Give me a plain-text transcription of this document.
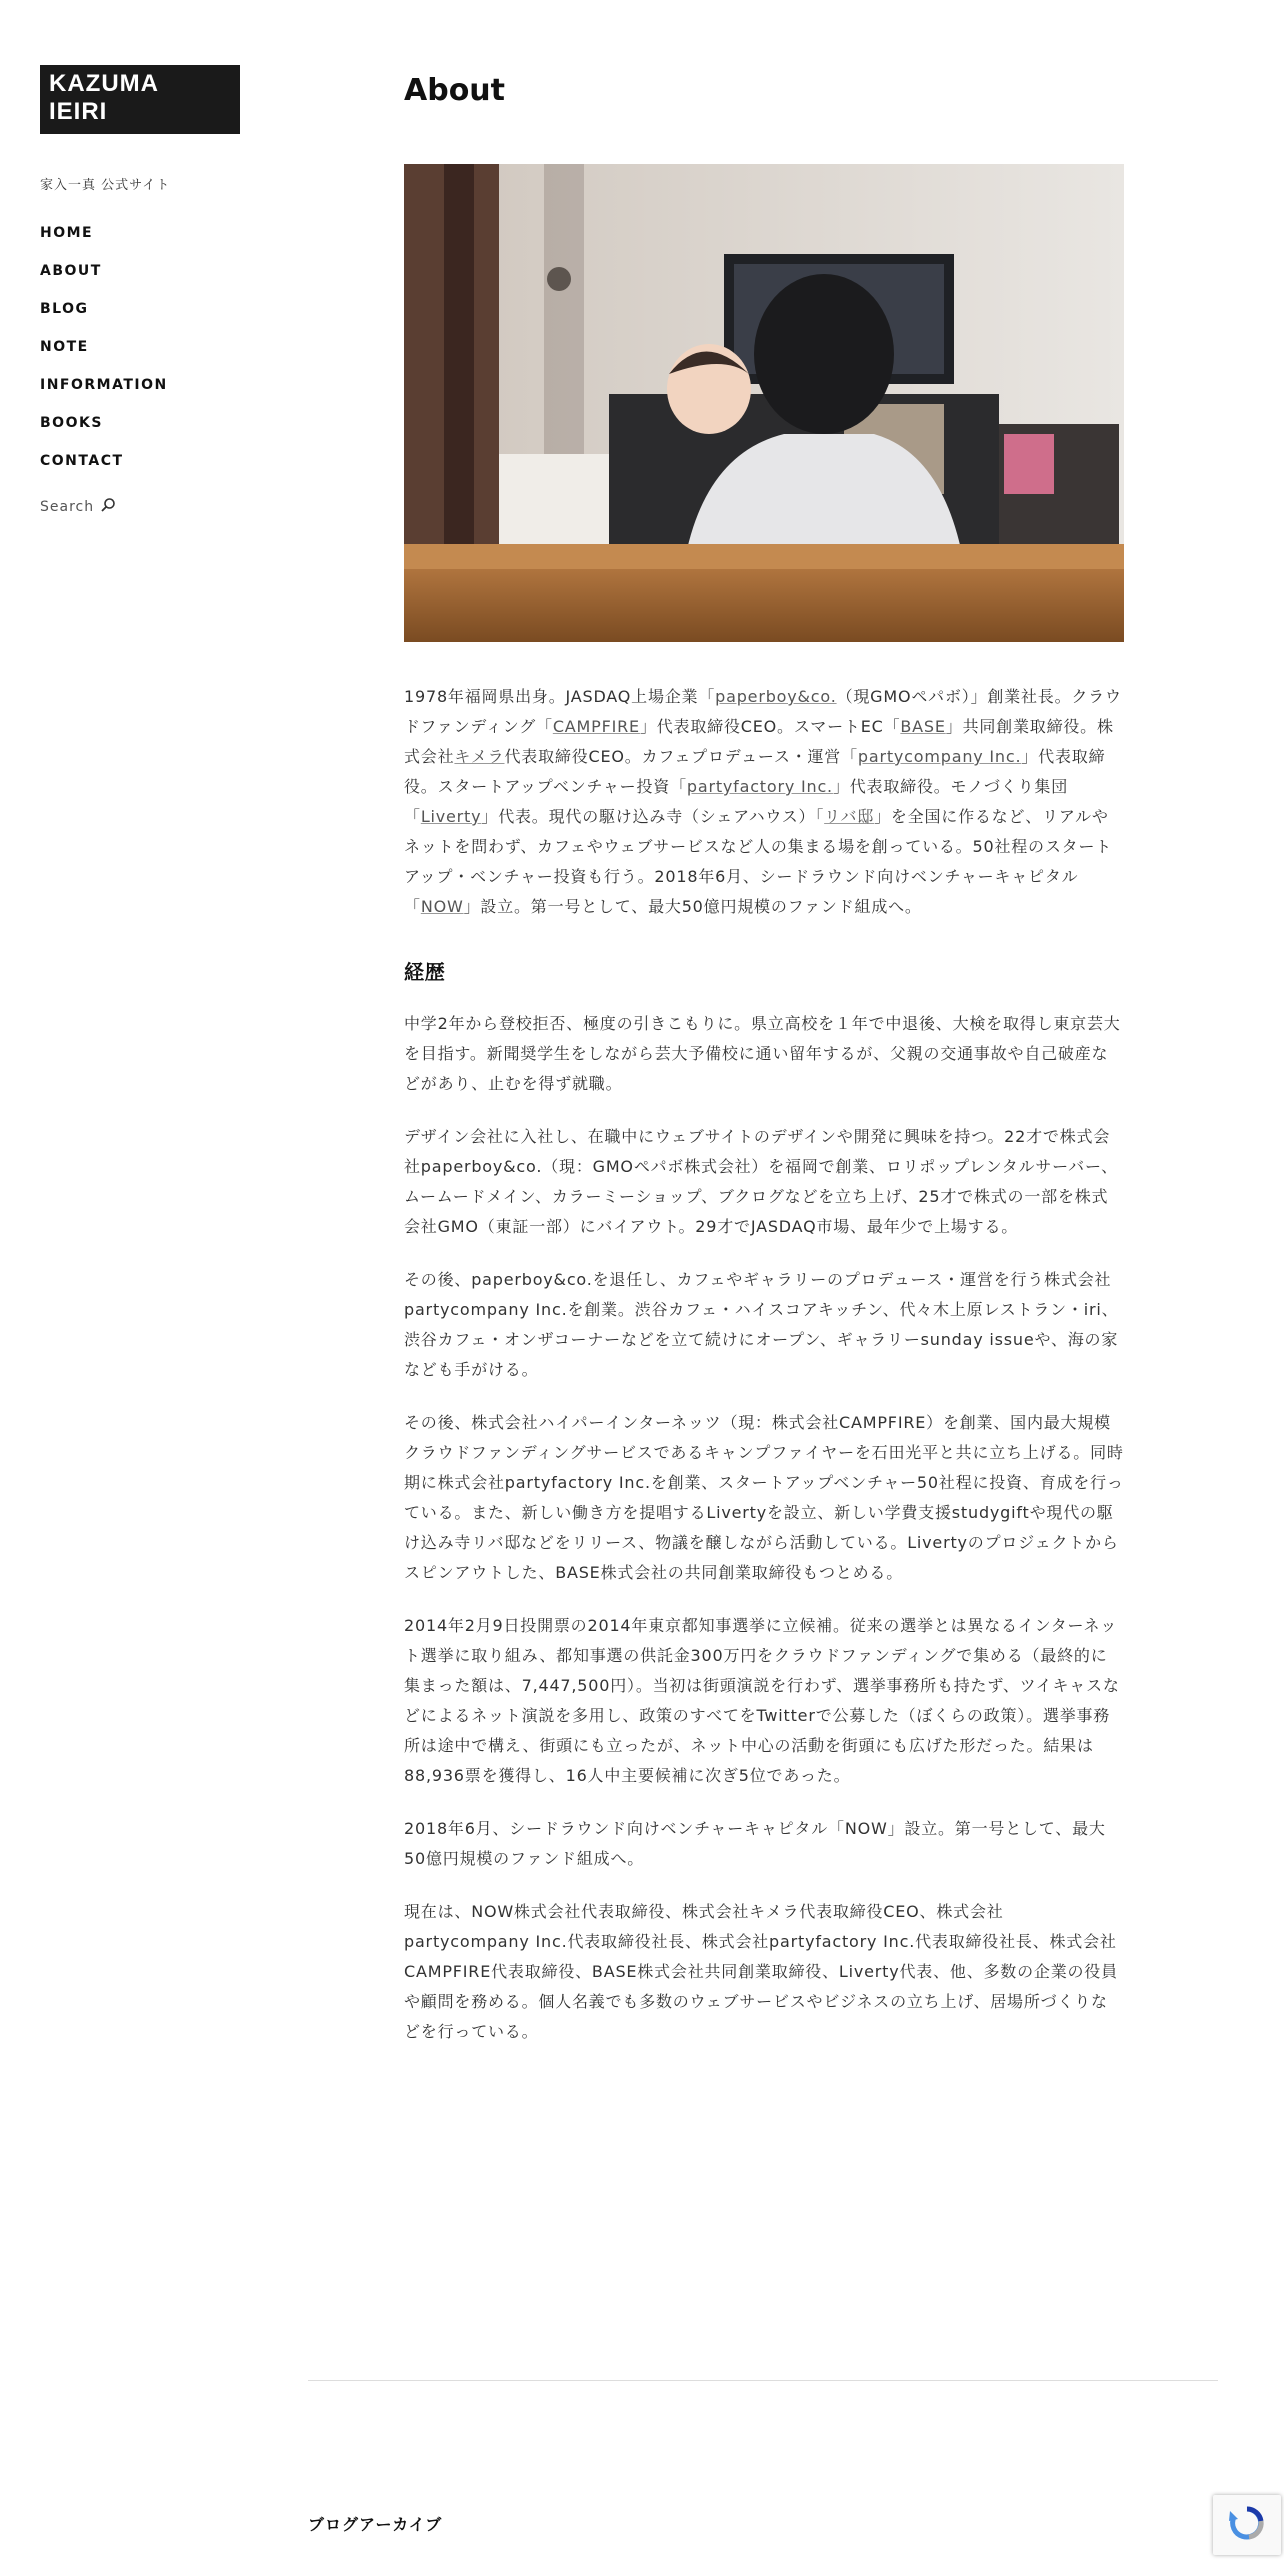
KAZUMA
IEIRI
家入一真 公式サイト
HOME
ABOUT
BLOG
NOTE
INFORMATION
BOOKS
CONTACT
Search
About

1978年福岡県出身。JASDAQ上場企業「paperboy&co.（現GMOペパボ）」創業社長。クラウドファンディング「CAMPFIRE」代表取締役CEO。スマートEC「BASE」共同創業取締役。株式会社キメラ代表取締役CEO。カフェプロデュース・運営「partycompany Inc.」代表取締役。スタートアップベンチャー投資「partyfactory Inc.」代表取締役。モノづくり集団「Liverty」代表。現代の駆け込み寺（シェアハウス）「リバ邸」を全国に作るなど、リアルやネットを問わず、カフェやウェブサービスなど人の集まる場を創っている。50社程のスタートアップ・ベンチャー投資も行う。2018年6月、シードラウンド向けベンチャーキャピタル「NOW」設立。第一号として、最大50億円規模のファンド組成へ。

経歴

中学2年から登校拒否、極度の引きこもりに。県立高校を１年で中退後、大検を取得し東京芸大を目指す。新聞奨学生をしながら芸大予備校に通い留年するが、父親の交通事故や自己破産などがあり、止むを得ず就職。

デザイン会社に入社し、在職中にウェブサイトのデザインや開発に興味を持つ。22才で株式会社paperboy&co.（現：GMOペパボ株式会社）を福岡で創業、ロリポップレンタルサーバー、ムームードメイン、カラーミーショップ、ブクログなどを立ち上げ、25才で株式の一部を株式会社GMO（東証一部）にバイアウト。29才でJASDAQ市場、最年少で上場する。

その後、paperboy&co.を退任し、カフェやギャラリーのプロデュース・運営を行う株式会社partycompany Inc.を創業。渋谷カフェ・ハイスコアキッチン、代々木上原レストラン・iri、渋谷カフェ・オンザコーナーなどを立て続けにオープン、ギャラリーsunday issueや、海の家なども手がける。

その後、株式会社ハイパーインターネッツ（現：株式会社CAMPFIRE）を創業、国内最大規模クラウドファンディングサービスであるキャンプファイヤーを石田光平と共に立ち上げる。同時期に株式会社partyfactory Inc.を創業、スタートアップベンチャー50社程に投資、育成を行っている。また、新しい働き方を提唱するLivertyを設立、新しい学費支援studygiftや現代の駆け込み寺リバ邸などをリリース、物議を醸しながら活動している。Livertyのプロジェクトからスピンアウトした、BASE株式会社の共同創業取締役もつとめる。

2014年2月9日投開票の2014年東京都知事選挙に立候補。従来の選挙とは異なるインターネット選挙に取り組み、都知事選の供託金300万円をクラウドファンディングで集める（最終的に集まった額は、7,447,500円）。当初は街頭演説を行わず、選挙事務所も持たず、ツイキャスなどによるネット演説を多用し、政策のすべてをTwitterで公募した（ぼくらの政策）。選挙事務所は途中で構え、街頭にも立ったが、ネット中心の活動を街頭にも広げた形だった。結果は88,936票を獲得し、16人中主要候補に次ぎ5位であった。

2018年6月、シードラウンド向けベンチャーキャピタル「NOW」設立。第一号として、最大50億円規模のファンド組成へ。

現在は、NOW株式会社代表取締役、株式会社キメラ代表取締役CEO、株式会社partycompany Inc.代表取締役社長、株式会社partyfactory Inc.代表取締役社長、株式会社CAMPFIRE代表取締役、BASE株式会社共同創業取締役、Liverty代表、他、多数の企業の役員や顧問を務める。個人名義でも多数のウェブサービスやビジネスの立ち上げ、居場所づくりなどを行っている。

ブログアーカイブ
